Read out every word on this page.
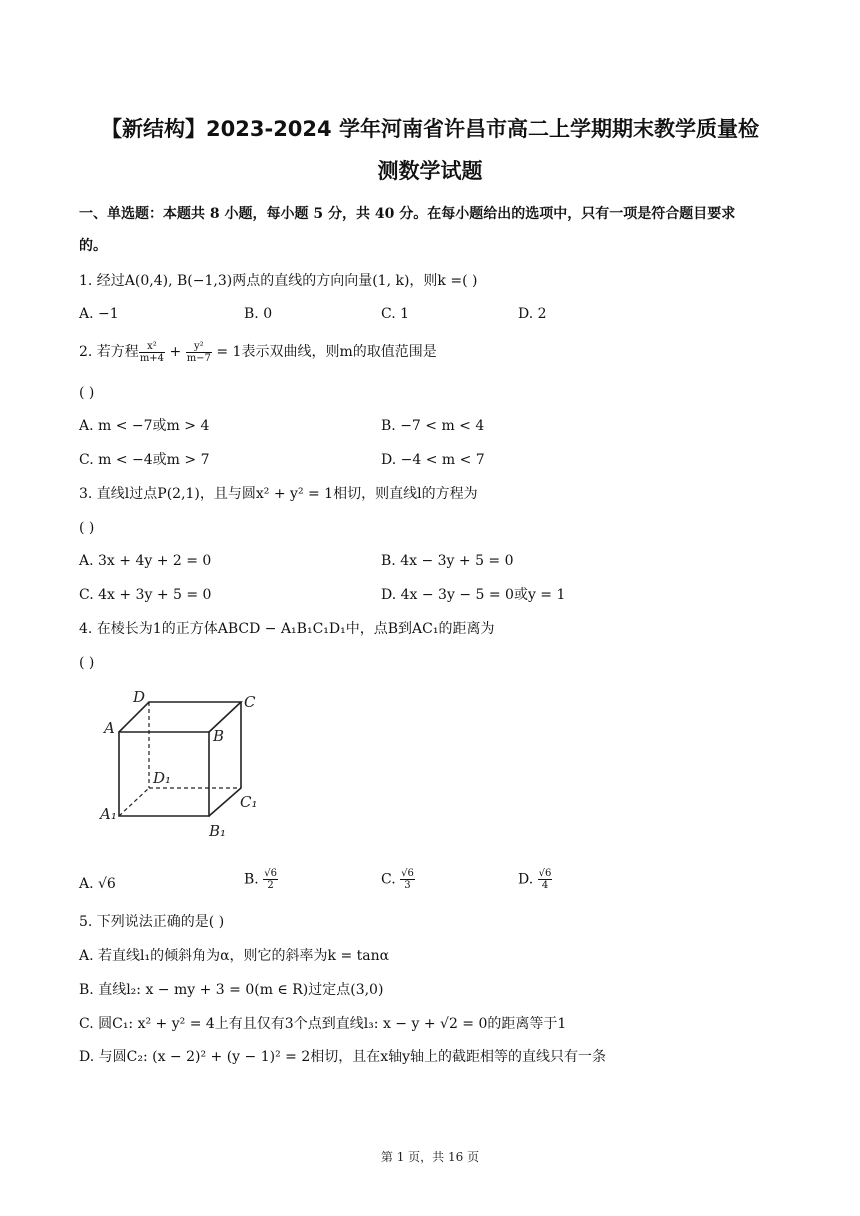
【新结构】2023-2024 学年河南省许昌市高二上学期期末教学质量检
测数学试题
一、单选题：本题共 8 小题，每小题 5 分，共 40 分。在每小题给出的选项中，只有一项是符合题目要求
的。
1. 经过A(0,4), B(−1,3)两点的直线的方向向量(1, k)，则k =( )
A. −1	B. 0	C. 1	D. 2
2. 若方程 $\frac{\text{x²}}{m+4} + \frac{\text{y²}}{m-7} = 1$表示双曲线，则m的取值范围是
( )
A. m < −7或m > 4	B. −7 < m < 4
C. m < −4或m > 7	D. −4 < m < 7
3. 直线l过点P(2,1)，且与圆x² + y² = 1相切，则直线l的方程为
( )
A. 3x + 4y + 2 = 0	B. 4x − 3y + 5 = 0
C. 4x + 3y + 5 = 0	D. 4x − 3y − 5 = 0或y = 1
4. 在棱长为1的正方体ABCD − A₁B₁C₁D₁中，点B到AC₁的距离为
( )
D	C
A	B
D₁
C₁
A₁
B₁
A. √6	B. $\frac{√6}{2}$	C. $\frac{√6}{3}$	D. $\frac{√6}{4}$
5. 下列说法正确的是( )
A. 若直线l₁的倾斜角为α，则它的斜率为k = tanα
B. 直线l₂: x − my + 3 = 0(m ∈ R)过定点(3,0)
C. 圆C₁: x² + y² = 4上有且仅有3个点到直线l₃: x − y + √2 = 0的距离等于1
D. 与圆C₂: (x − 2)² + (y − 1)² = 2相切，且在x轴y轴上的截距相等的直线只有一条
第 1 页，共 16 页
